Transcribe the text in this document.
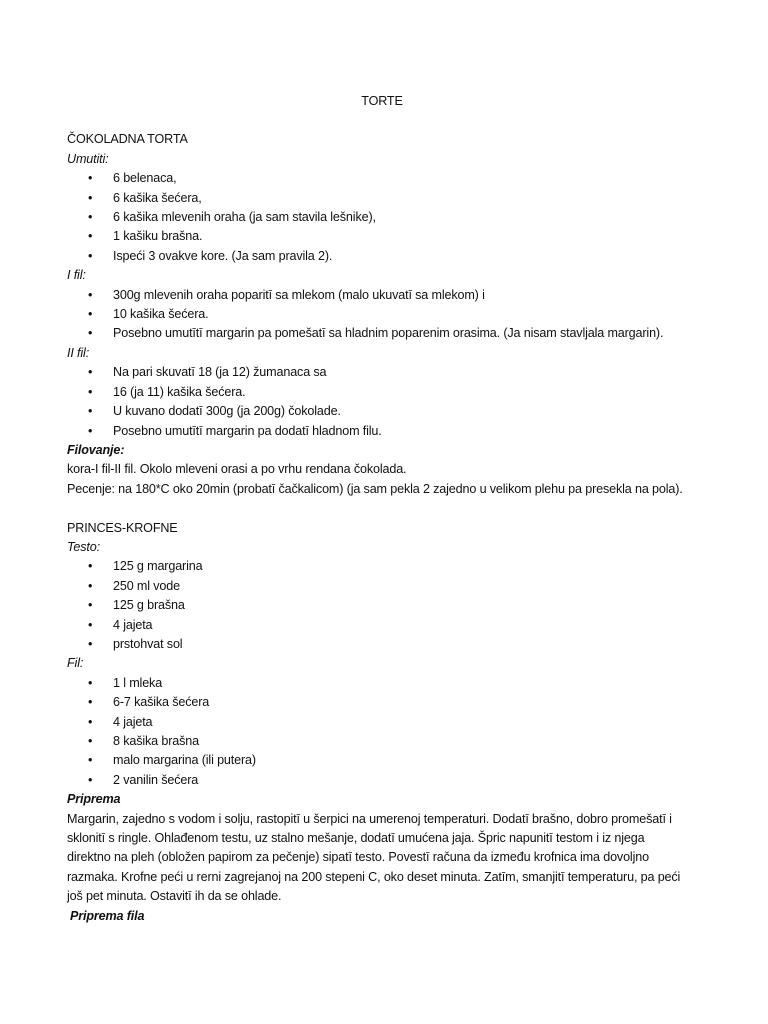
TORTE

ČOKOLADNA TORTA

Umutiti:

• 6 belenaca,
• 6 kašika šećera,
• 6 kašika mlevenih oraha (ja sam stavila lešnike),
• 1 kašiku brašna.
• Ispeći 3 ovakve kore. (Ja sam pravila 2).

I fil:

• 300g mlevenih oraha poparitī sa mlekom (malo ukuvatī sa mlekom) i
• 10 kašika šećera.
• Posebno umutītī margarin pa pomešatī sa hladnim poparenim orasima. (Ja nisam stavljala margarin).

II fil:

• Na pari skuvatī 18 (ja 12) žumanaca sa
• 16 (ja 11) kašika šećera.
• U kuvano dodatī 300g (ja 200g) čokolade.
• Posebno umutītī margarin pa dodatī hladnom filu.

Filovanje:

kora-I fil-II fil. Okolo mleveni orasi a po vrhu rendana čokolada.

Pecenje: na 180*C oko 20min (probatī čačkalicom) (ja sam pekla 2 zajedno u velikom plehu pa presekla na pola).

PRINCES-KROFNE

Testo:

• 125 g margarina
• 250 ml vode
• 125 g brašna
• 4 jajeta
• prstohvat sol

Fil:

• 1 l mleka
• 6-7 kašika šećera
• 4 jajeta
• 8 kašika brašna
• malo margarina (ili putera)
• 2 vanilin šećera

Priprema

Margarin, zajedno s vodom i solju, rastopitī u šerpici na umerenoj temperaturi. Dodatī brašno, dobro promešatī i

sklonitī s ringle. Ohlađenom testu, uz stalno mešanje, dodatī umućena jaja. Špric napunitī testom i iz njega

direktno na pleh (obložen papirom za pečenje) sipatī testo. Povestī računa da između krofnica ima dovoljno

razmaka. Krofne peći u rerni zagrejanoj na 200 stepeni C, oko deset minuta. Zatīm, smanjitī temperaturu, pa peći

još pet minuta. Ostavitī ih da se ohlade.

Priprema fila
